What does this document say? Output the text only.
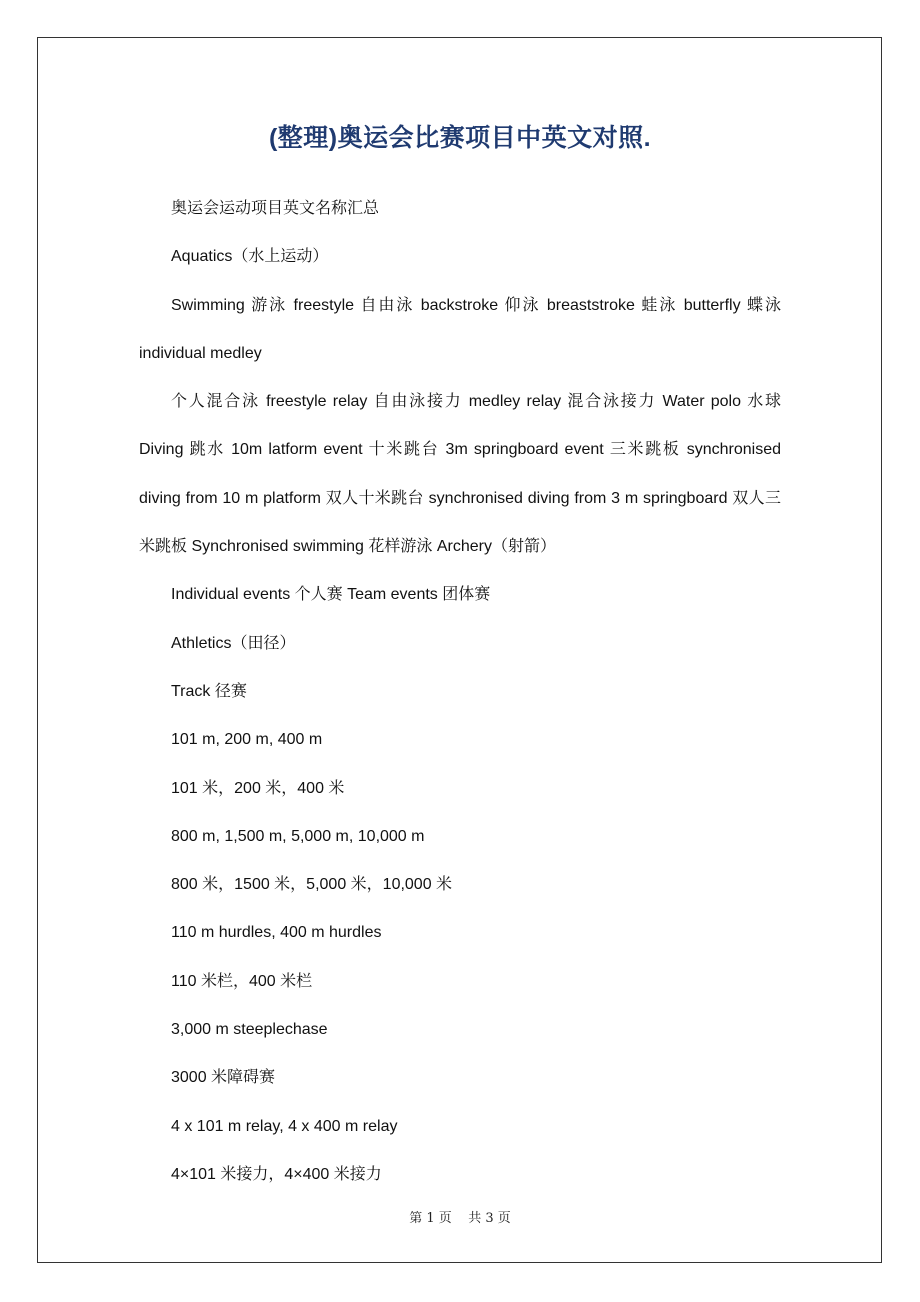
(整理)奥运会比赛项目中英文对照.

奥运会运动项目英文名称汇总

Aquatics（水上运动）

Swimming 游泳 freestyle 自由泳 backstroke 仰泳 breaststroke 蛙泳 butterfly 蝶泳 individual medley

个人混合泳 freestyle relay 自由泳接力 medley relay 混合泳接力 Water polo 水球 Diving 跳水 10m latform event 十米跳台 3m springboard event 三米跳板 synchronised diving from 10 m platform 双人十米跳台 synchronised diving from 3 m springboard 双人三米跳板 Synchronised swimming 花样游泳 Archery（射箭）

Individual events 个人赛 Team events 团体赛

Athletics（田径）

Track 径赛

101 m, 200 m, 400 m

101 米，200 米，400 米

800 m, 1,500 m, 5,000 m, 10,000 m

800 米，1500 米，5,000 米，10,000 米

110 m hurdles, 400 m hurdles

110 米栏，400 米栏

3,000 m steeplechase

3000 米障碍赛

4 x 101 m relay, 4 x 400 m relay

4×101 米接力，4×400 米接力

第 1 页    共 3 页
